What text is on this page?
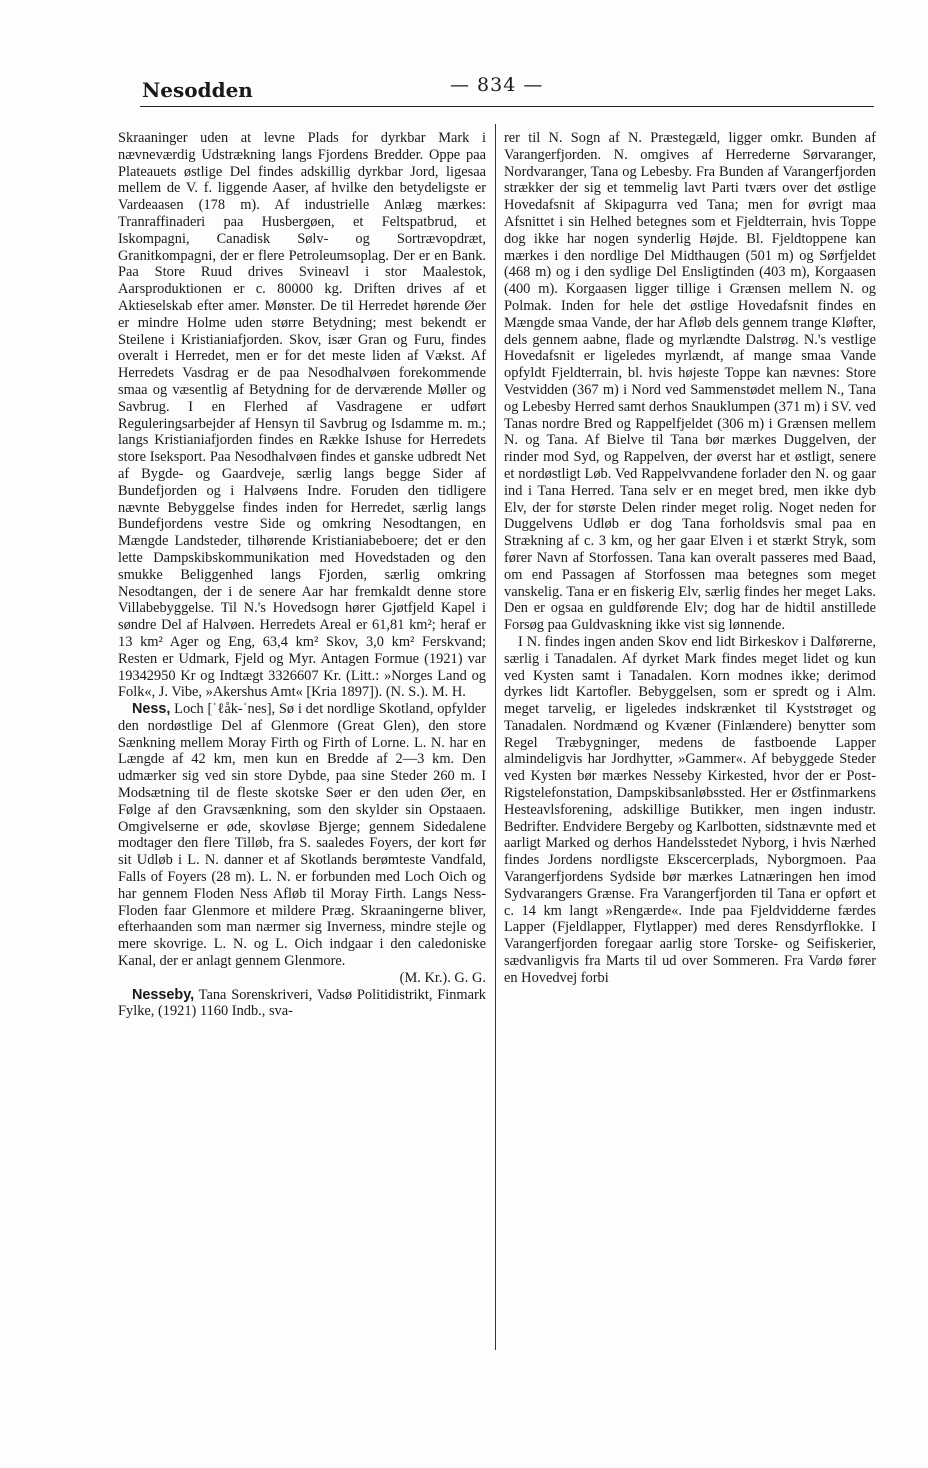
Nesodden	— 834 —

Skraaninger uden at levne Plads for dyrkbar Mark i nævneværdig Udstrækning langs Fjordens Bredder. Oppe paa Plateauets østlige Del findes adskillig dyrkbar Jord, ligesaa mellem de V. f. liggende Aaser, af hvilke den betydeligste er Vardeaasen (178 m). Af industrielle Anlæg mærkes: Tranraffinaderi paa Husbergøen, et Feltspatbrud, et Iskompagni, Canadisk Sølv- og Sortrævopdræt, Granitkompagni, der er flere Petroleumsoplag. Der er en Bank. Paa Store Ruud drives Svineavl i stor Maalestok, Aarsproduktionen er c. 80000 kg. Driften drives af et Aktieselskab efter amer. Mønster. De til Herredet hørende Øer er mindre Holme uden større Betydning; mest bekendt er Steilene i Kristianiafjorden. Skov, især Gran og Furu, findes overalt i Herredet, men er for det meste liden af Vækst. Af Herredets Vasdrag er de paa Nesodhalvøen forekommende smaa og væsentlig af Betydning for de derværende Møller og Savbrug. I en Flerhed af Vasdragene er udført Reguleringsarbejder af Hensyn til Savbrug og Isdamme m. m.; langs Kristianiafjorden findes en Række Ishuse for Herredets store Iseksport. Paa Nesodhalvøen findes et ganske udbredt Net af Bygde- og Gaardveje, særlig langs begge Sider af Bundefjorden og i Halvøens Indre. Foruden den tidligere nævnte Bebyggelse findes inden for Herredet, særlig langs Bundefjordens vestre Side og omkring Nesodtangen, en Mængde Landsteder, tilhørende Kristianiabeboere; det er den lette Dampskibskommunikation med Hovedstaden og den smukke Beliggenhed langs Fjorden, særlig omkring Nesodtangen, der i de senere Aar har fremkaldt denne store Villabebyggelse. Til N.'s Hovedsogn hører Gjøtfjeld Kapel i søndre Del af Halvøen. Herredets Areal er 61,81 km²; heraf er 13 km² Ager og Eng, 63,4 km² Skov, 3,0 km² Ferskvand; Resten er Udmark, Fjeld og Myr. Antagen Formue (1921) var 19342950 Kr og Indtægt 3326607 Kr. (Litt.: »Norges Land og Folk«, J. Vibe, »Akershus Amt« [Kria 1897]). (N. S.). M. H.

Ness, Loch [ˈℓåk-ˈnes], Sø i det nordlige Skotland, opfylder den nordøstlige Del af Glenmore (Great Glen), den store Sænkning mellem Moray Firth og Firth of Lorne. L. N. har en Længde af 42 km, men kun en Bredde af 2—3 km. Den udmærker sig ved sin store Dybde, paa sine Steder 260 m. I Modsætning til de fleste skotske Søer er den uden Øer, en Følge af den Gravsænkning, som den skylder sin Opstaaen. Omgivelserne er øde, skovløse Bjerge; gennem Sidedalene modtager den flere Tilløb, fra S. saaledes Foyers, der kort før sit Udløb i L. N. danner et af Skotlands berømteste Vandfald, Falls of Foyers (28 m). L. N. er forbunden med Loch Oich og har gennem Floden Ness Afløb til Moray Firth. Langs Ness-Floden faar Glenmore et mildere Præg. Skraaningerne bliver, efterhaanden som man nærmer sig Inverness, mindre stejle og mere skovrige. L. N. og L. Oich indgaar i den caledoniske Kanal, der er anlagt gennem Glenmore.

(M. Kr.). G. G.

Nesseby, Tana Sorenskriveri, Vadsø Politidistrikt, Finmark Fylke, (1921) 1160 Indb., sva-

rer til N. Sogn af N. Præstegæld, ligger omkr. Bunden af Varangerfjorden. N. omgives af Herrederne Sørvaranger, Nordvaranger, Tana og Lebesby. Fra Bunden af Varangerfjorden strækker der sig et temmelig lavt Parti tværs over det østlige Hovedafsnit af Skipagurra ved Tana; men for øvrigt maa Afsnittet i sin Helhed betegnes som et Fjeldterrain, hvis Toppe dog ikke har nogen synderlig Højde. Bl. Fjeldtoppene kan mærkes i den nordlige Del Midthaugen (501 m) og Sørfjeldet (468 m) og i den sydlige Del Ensligtinden (403 m), Korgaasen (400 m). Korgaasen ligger tillige i Grænsen mellem N. og Polmak. Inden for hele det østlige Hovedafsnit findes en Mængde smaa Vande, der har Afløb dels gennem trange Kløfter, dels gennem aabne, flade og myrlændte Dalstrøg. N.'s vestlige Hovedafsnit er ligeledes myrlændt, af mange smaa Vande opfyldt Fjeldterrain, bl. hvis højeste Toppe kan nævnes: Store Vestvidden (367 m) i Nord ved Sammenstødet mellem N., Tana og Lebesby Herred samt derhos Snauklumpen (371 m) i SV. ved Tanas nordre Bred og Rappelfjeldet (306 m) i Grænsen mellem N. og Tana. Af Bielve til Tana bør mærkes Duggelven, der rinder mod Syd, og Rappelven, der øverst har et østligt, senere et nordøstligt Løb. Ved Rappelvvandene forlader den N. og gaar ind i Tana Herred. Tana selv er en meget bred, men ikke dyb Elv, der for største Delen rinder meget rolig. Noget neden for Duggelvens Udløb er dog Tana forholdsvis smal paa en Strækning af c. 3 km, og her gaar Elven i et stærkt Stryk, som fører Navn af Storfossen. Tana kan overalt passeres med Baad, om end Passagen af Storfossen maa betegnes som meget vanskelig. Tana er en fiskerig Elv, særlig findes her meget Laks. Den er ogsaa en guldførende Elv; dog har de hidtil anstillede Forsøg paa Guldvaskning ikke vist sig lønnende.

I N. findes ingen anden Skov end lidt Birkeskov i Dalførerne, særlig i Tanadalen. Af dyrket Mark findes meget lidet og kun ved Kysten samt i Tanadalen. Korn modnes ikke; derimod dyrkes lidt Kartofler. Bebyggelsen, som er spredt og i Alm. meget tarvelig, er ligeledes indskrænket til Kyststrøget og Tanadalen. Nordmænd og Kvæner (Finlændere) benytter som Regel Træbygninger, medens de fastboende Lapper almindeligvis har Jordhytter, »Gammer«. Af bebyggede Steder ved Kysten bør mærkes Nesseby Kirkested, hvor der er Post-Rigstelefonstation, Dampskibsanløbssted. Her er Østfinmarkens Hesteavlsforening, adskillige Butikker, men ingen industr. Bedrifter. Endvidere Bergeby og Karlbotten, sidstnævnte med et aarligt Marked og derhos Handelsstedet Nyborg, i hvis Nærhed findes Jordens nordligste Ekscercerplads, Nyborgmoen. Paa Varangerfjordens Sydside bør mærkes Latnæringen hen imod Sydvarangers Grænse. Fra Varangerfjorden til Tana er opført et c. 14 km langt »Rengærde«. Inde paa Fjeldvidderne færdes Lapper (Fjeldlapper, Flytlapper) med deres Rensdyrflokke. I Varangerfjorden foregaar aarlig store Torske- og Seifiskerier, sædvanligvis fra Marts til ud over Sommeren. Fra Vardø fører en Hovedvej forbi
